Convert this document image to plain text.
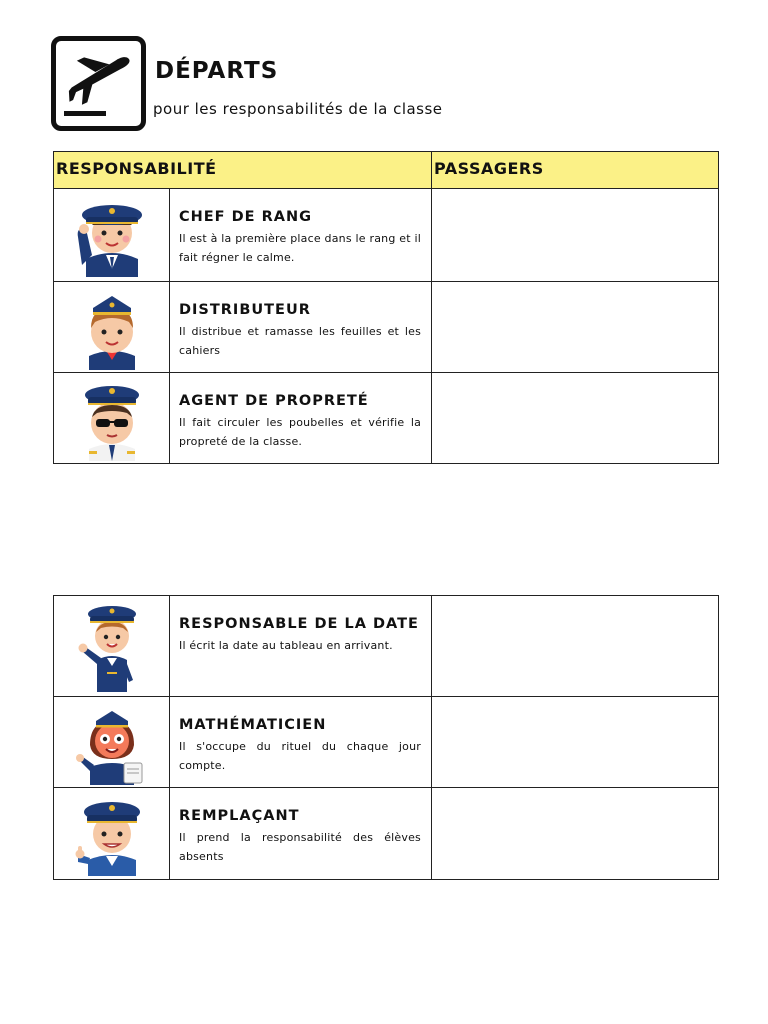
DÉPARTS
pour les responsabilités de la classe
RESPONSABILITÉ		PASSAGERS

CHEF DE RANG
Il est à la première place dans le rang et il fait régner le calme.	

DISTRIBUTEUR
Il distribue et ramasse les feuilles et les cahiers	

AGENT DE PROPRETÉ
Il fait circuler les poubelles et vérifie la propreté de la classe.	

RESPONSABLE DE LA DATE
Il écrit la date au tableau en arrivant.	

MATHÉMATICIEN
Il s'occupe du rituel du chaque jour compte.	

REMPLAÇANT
Il prend la responsabilité des élèves absents	
